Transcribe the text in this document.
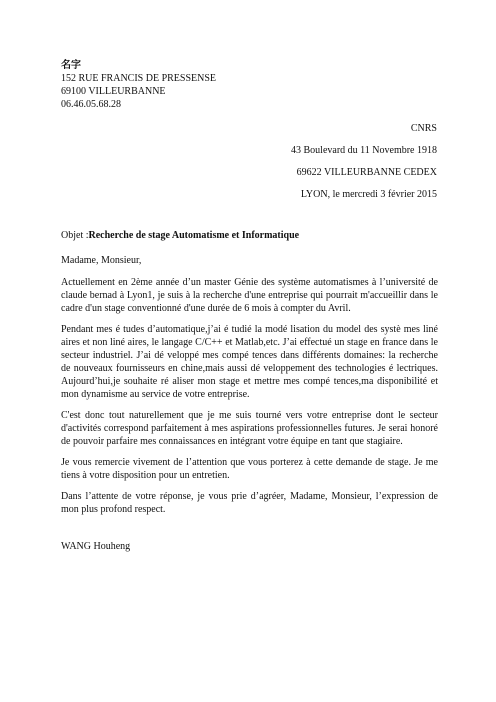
名字
152 RUE FRANCIS DE PRESSENSE
69100 VILLEURBANNE
06.46.05.68.28
CNRS
43 Boulevard du 11 Novembre 1918
69622 VILLEURBANNE CEDEX
LYON, le mercredi 3 février 2015
Objet :Recherche de stage Automatisme et Informatique
Madame, Monsieur,

Actuellement en 2ème année d’un master Génie des système automatismes à l’université de claude bernad à Lyon1, je suis à la recherche d'une entreprise qui pourrait m'accueillir dans le cadre d'un stage conventionné d'une durée de 6 mois à compter du Avril.

Pendant mes é tudes d’automatique,j’ai é tudié la modé lisation du model des systè mes liné aires et non liné aires, le langage C/C++ et Matlab,etc. J’ai effectué un stage en france dans le secteur industriel. J’ai dé veloppé mes compé tences dans différents domaines: la recherche de nouveaux fournisseurs en chine,mais aussi dé veloppement des technologies é lectriques. Aujourd’hui,je souhaite ré aliser mon stage et mettre mes compé tences,ma disponibilité et mon dynamisme au service de votre entreprise.

C'est donc tout naturellement que je me suis tourné vers votre entreprise dont le secteur d'activités correspond parfaitement à mes aspirations professionnelles futures. Je serai honoré de pouvoir parfaire mes connaissances en intégrant votre équipe en tant que stagiaire.

Je vous remercie vivement de l’attention que vous porterez à cette demande de stage. Je me tiens à votre disposition pour un entretien.

Dans l’attente de votre réponse, je vous prie d’agréer, Madame, Monsieur, l’expression de mon plus profond respect.

WANG Houheng
